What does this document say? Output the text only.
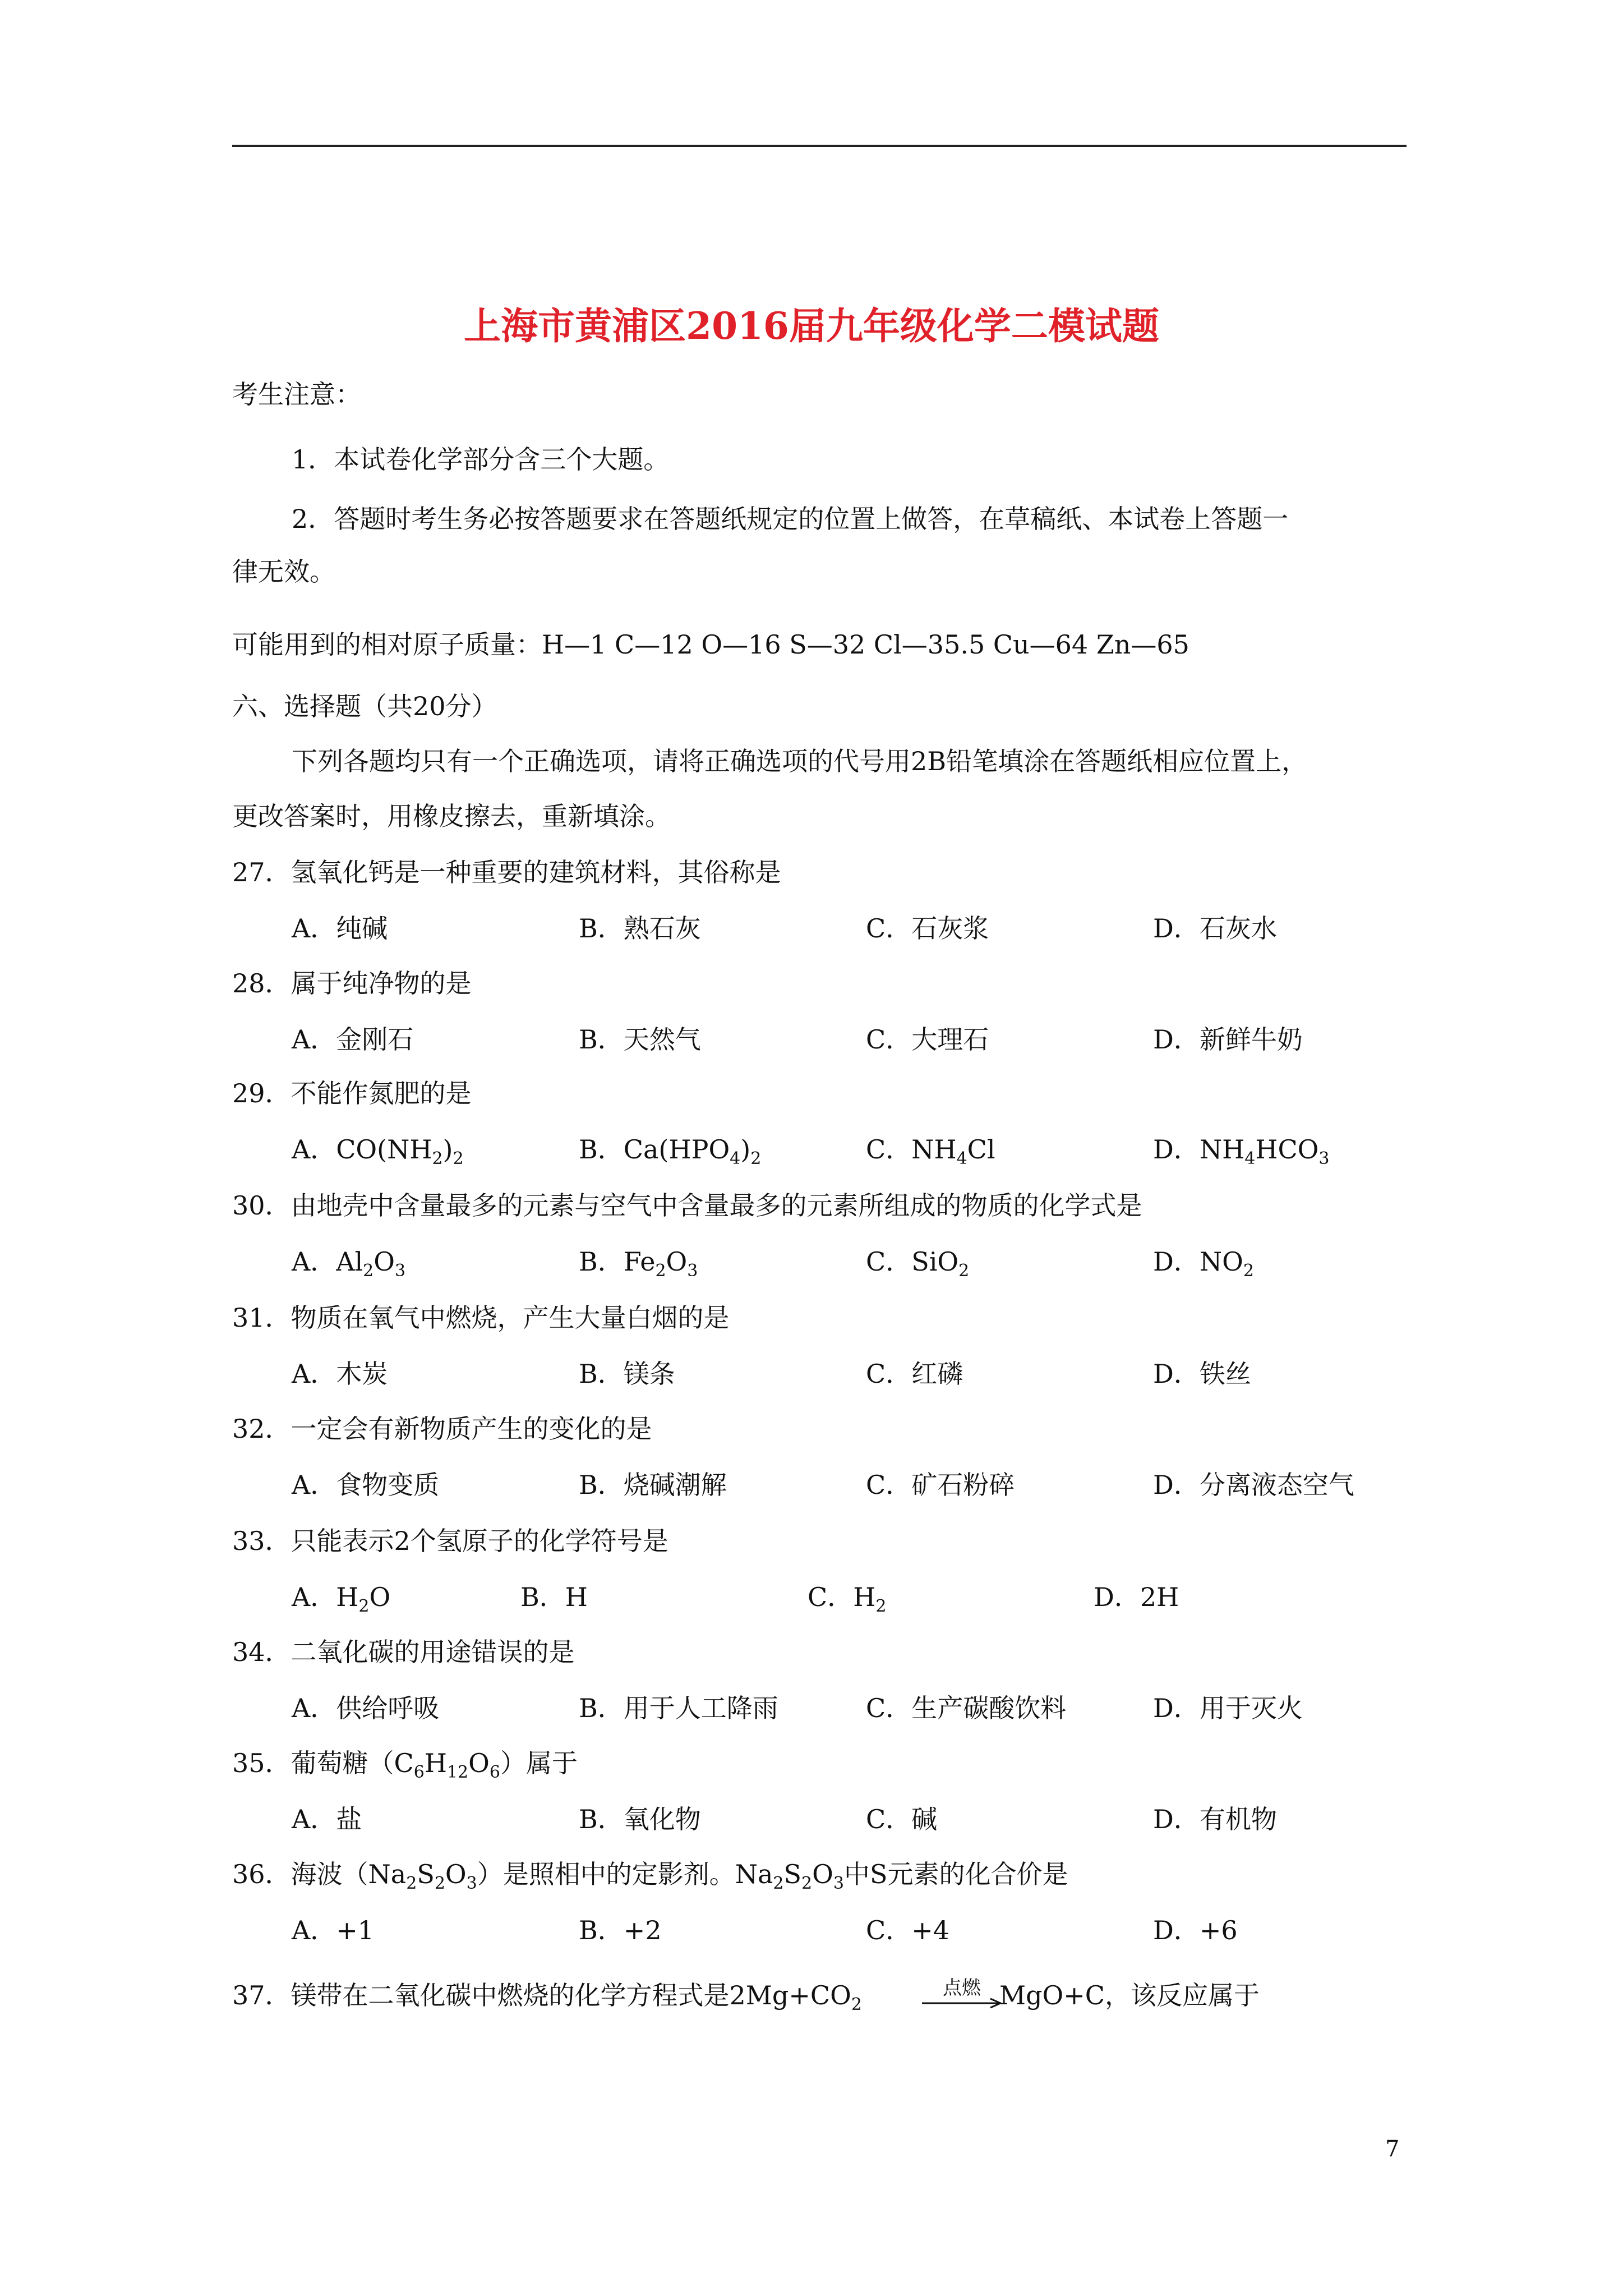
上海市黄浦区2016届九年级化学二模试题
考生注意：
1．本试卷化学部分含三个大题。
2．答题时考生务必按答题要求在答题纸规定的位置上做答，在草稿纸、本试卷上答题一
律无效。
可能用到的相对原子质量：H—1 C—12 O—16 S—32 Cl—35.5 Cu—64 Zn—65
六、选择题（共20分）
下列各题均只有一个正确选项，请将正确选项的代号用2B铅笔填涂在答题纸相应位置上，
更改答案时，用橡皮擦去，重新填涂。
27．氢氧化钙是一种重要的建筑材料，其俗称是
A．纯碱	B．熟石灰	C．石灰浆	D．石灰水
28．属于纯净物的是
A．金刚石	B．天然气	C．大理石	D．新鲜牛奶
29．不能作氮肥的是
A．$CO(NH_2)_2$	B．$Ca(HPO_4)_2$	C．$NH_4Cl$	D．$NH_4HCO_3$
30．由地壳中含量最多的元素与空气中含量最多的元素所组成的物质的化学式是
A．$Al_2O_3$	B．$Fe_2O_3$	C．SiO$_2$	D．$NO_2$
31．物质在氧气中燃烧，产生大量白烟的是
A．木炭	B．镁条	C．红磷	D．铁丝
32．一定会有新物质产生的变化的是
A．食物变质	B．烧碱潮解	C．矿石粉碎	D．分离液态空气
33．只能表示2个氢原子的化学符号是
A．$H_2O$	B．H	C．$H_2$	D．2H
34．二氧化碳的用途错误的是
A．供给呼吸	B．用于人工降雨	C．生产碳酸饮料	D．用于灭火
35．葡萄糖$(C_6H_{12}O_6)$属于
A．盐	B．氧化物	C．碱	D．有机物
36．海波$(Na_2S_2O_3)$是照相中的定影剂。$Na_2S_2O_3$中S元素的化合价是
A．+1	B．+2	C．+4	D．+6
37．镁带在二氧化碳中燃烧的化学方程式是$2Mg+CO_2$
点燃 MgO+C，该反应属于
7
